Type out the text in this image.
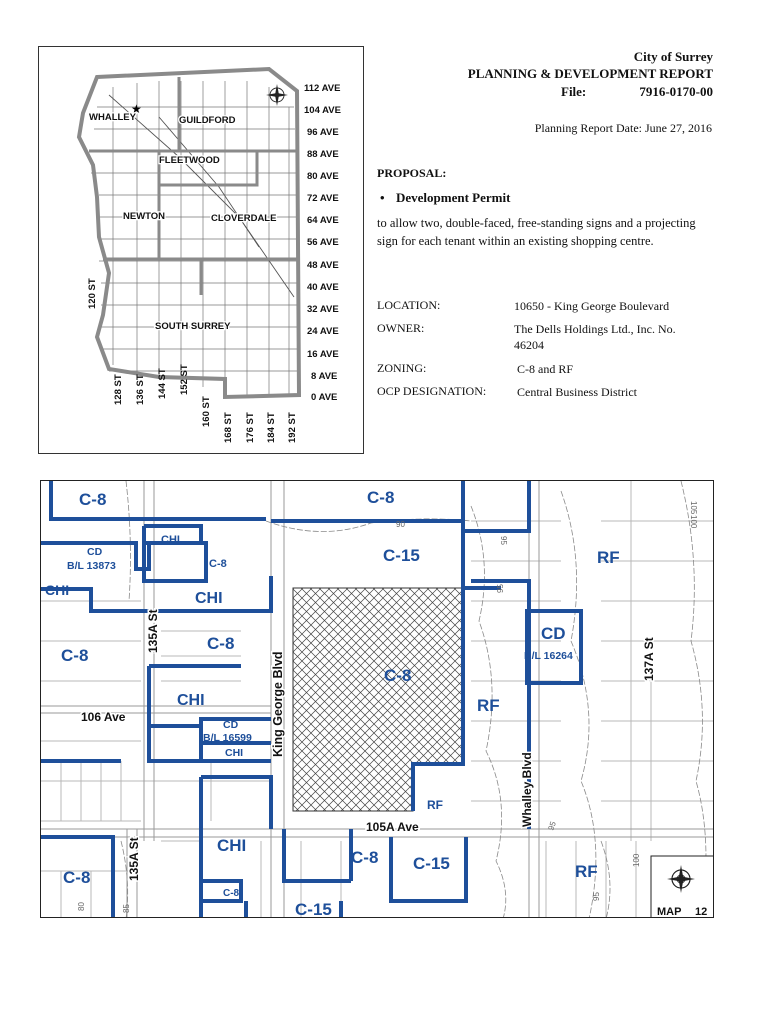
★
WHALLEY	GUILDFORD
FLEETWOOD
NEWTON	CLOVERDALE
SOUTH SURREY
112 AVE
104 AVE
96 AVE
88 AVE
80 AVE
72 AVE
64 AVE
56 AVE
48 AVE
40 AVE
32 AVE
24 AVE
16 AVE
8 AVE
0 AVE
120 ST
128 ST 136 ST 144 ST 152 ST
160 ST
168 ST 176 ST 184 ST 192 ST
City of Surrey
PLANNING & DEVELOPMENT REPORT
File:	7916-0170-00
Planning Report Date: June 27, 2016
PROPOSAL:
• Development Permit
to allow two, double-faced, free-standing signs and a projecting sign for each tenant within an existing shopping centre.
LOCATION:	10650 - King George Boulevard
OWNER:	The Dells Holdings Ltd., Inc. No.
46204
ZONING:	C-8 and RF
OCP DESIGNATION:	Central Business District
MAP 12
C-8	C-8
CD
B/L 13873
CHI
C-8
CHI
C-15	RF
CHI
C-8
C-8
C-8
CHI
CD
B/L 16264
RF
CD
B/L 16599
CHI
RF
CHI
C-8 C-15	RF
C-8
C-8
C-15
135A St
King George Blvd
106 Ave
Whalley Blvd
137A St
105A Ave
135A St
90
95
95
100
105
95
95
100
80	85
